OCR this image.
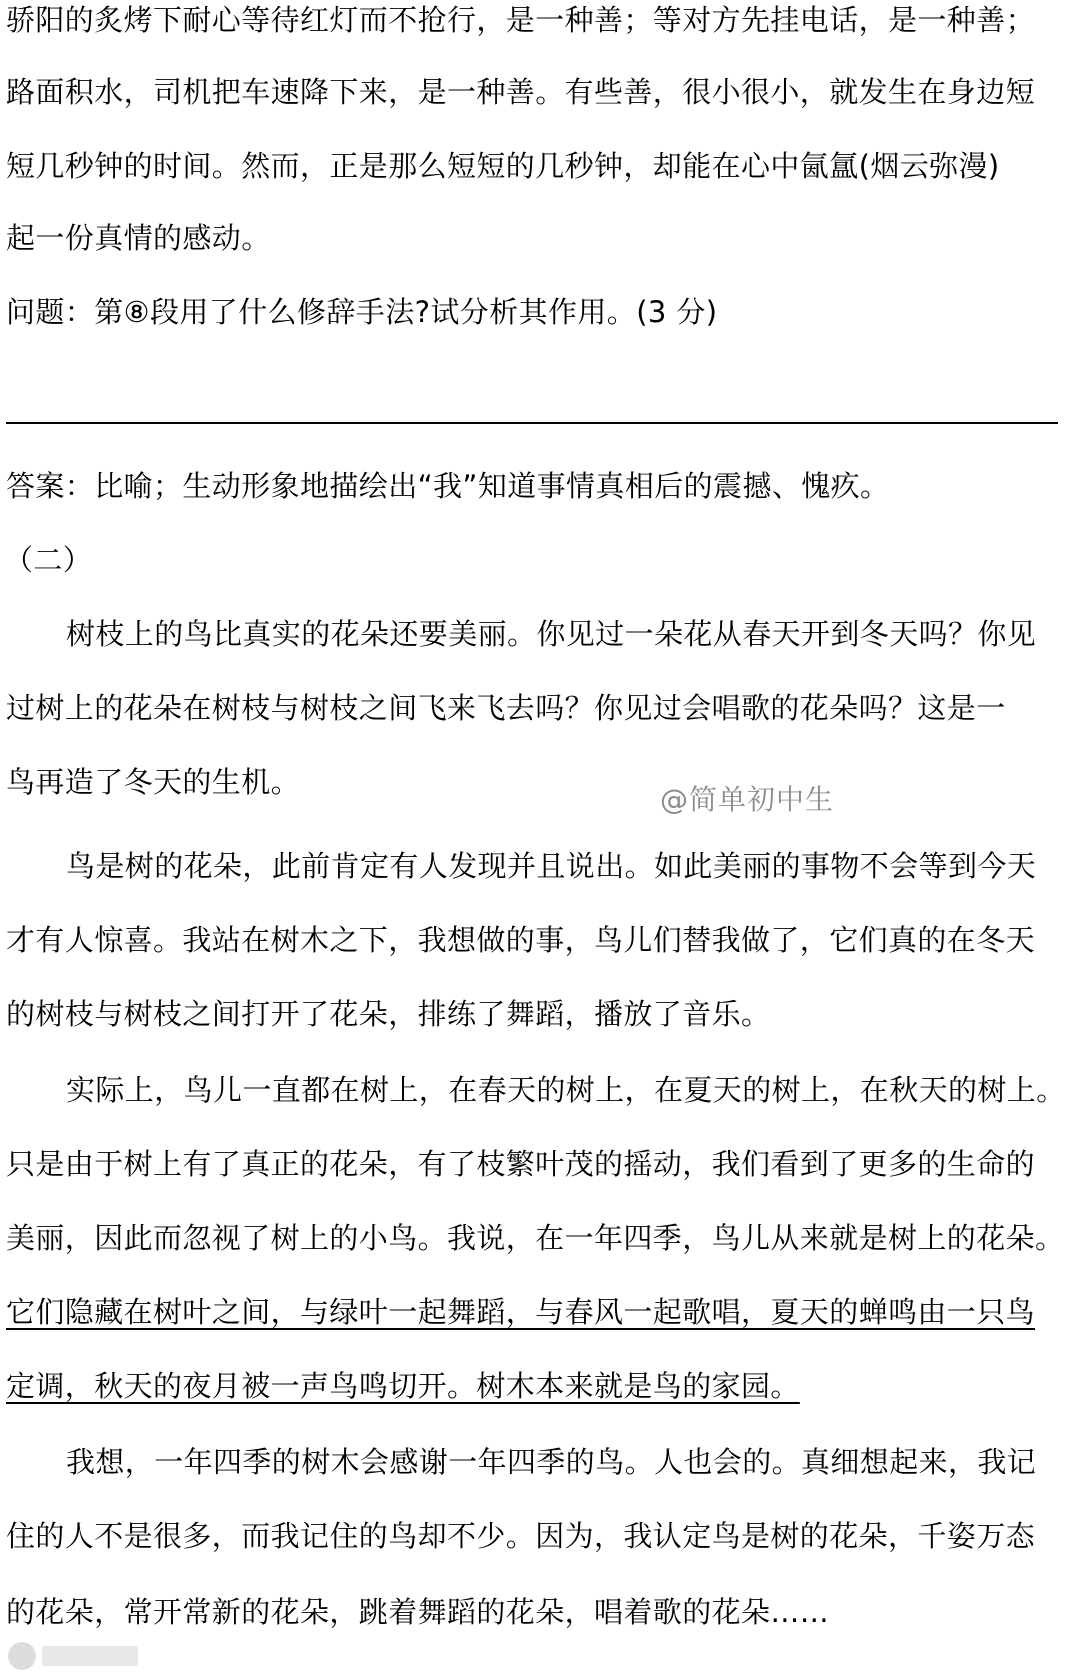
骄阳的炙烤下耐心等待红灯而不抢行，是一种善；等对方先挂电话，是一种善；
路面积水，司机把车速降下来，是一种善。有些善，很小很小，就发生在身边短
短几秒钟的时间。然而，正是那么短短的几秒钟，却能在心中氤氲(烟云弥漫)
起一份真情的感动。
问题：第⑧段用了什么修辞手法?试分析其作用。(3 分)
答案：比喻；生动形象地描绘出“我”知道事情真相后的震撼、愧疚。
（二）
树枝上的鸟比真实的花朵还要美丽。你见过一朵花从春天开到冬天吗？你见
过树上的花朵在树枝与树枝之间飞来飞去吗？你见过会唱歌的花朵吗？这是一
鸟再造了冬天的生机。
@简单初中生
鸟是树的花朵，此前肯定有人发现并且说出。如此美丽的事物不会等到今天
才有人惊喜。我站在树木之下，我想做的事，鸟儿们替我做了，它们真的在冬天
的树枝与树枝之间打开了花朵，排练了舞蹈，播放了音乐。
实际上，鸟儿一直都在树上，在春天的树上，在夏天的树上，在秋天的树上。
只是由于树上有了真正的花朵，有了枝繁叶茂的摇动，我们看到了更多的生命的
美丽，因此而忽视了树上的小鸟。我说，在一年四季，鸟儿从来就是树上的花朵。
它们隐藏在树叶之间，与绿叶一起舞蹈，与春风一起歌唱，夏天的蝉鸣由一只鸟
定调，秋天的夜月被一声鸟鸣切开。树木本来就是鸟的家园。
我想，一年四季的树木会感谢一年四季的鸟。人也会的。真细想起来，我记
住的人不是很多，而我记住的鸟却不少。因为，我认定鸟是树的花朵，千姿万态
的花朵，常开常新的花朵，跳着舞蹈的花朵，唱着歌的花朵……
